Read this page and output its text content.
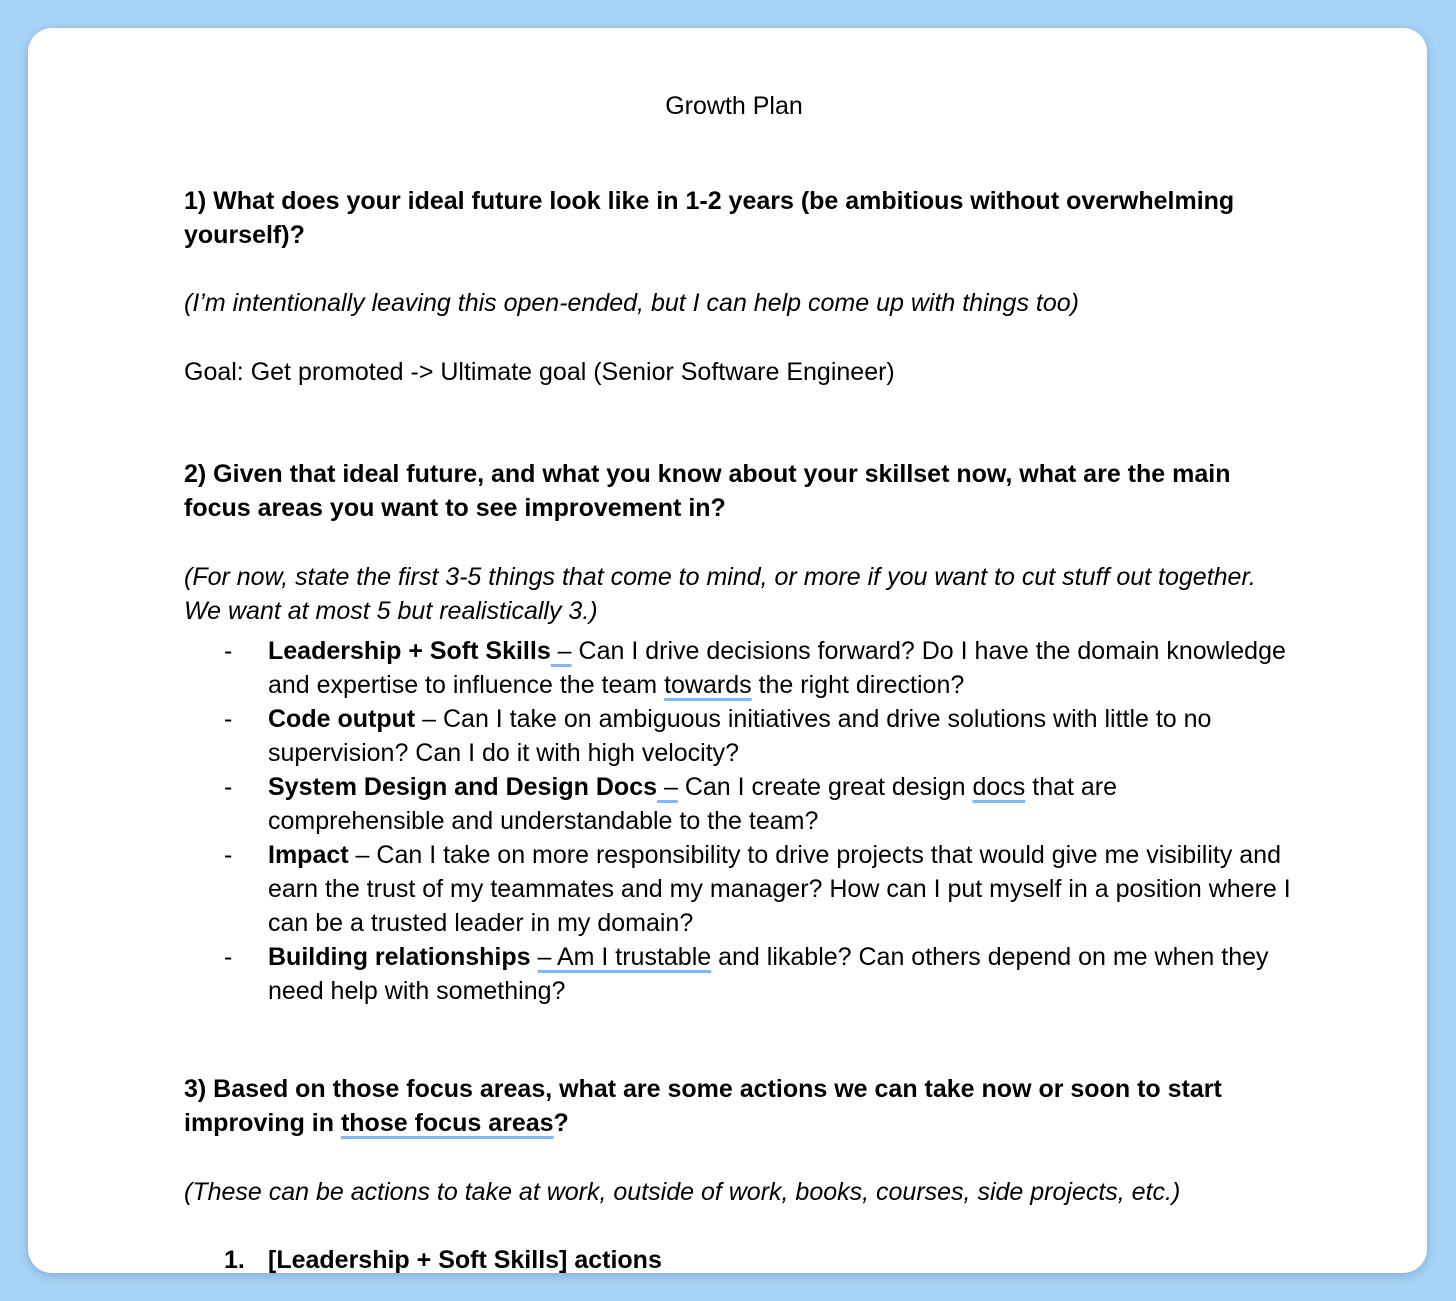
Growth Plan

1) What does your ideal future look like in 1-2 years (be ambitious without overwhelming yourself)?

(I’m intentionally leaving this open-ended, but I can help come up with things too)

Goal: Get promoted -> Ultimate goal (Senior Software Engineer)

2) Given that ideal future, and what you know about your skillset now, what are the main focus areas you want to see improvement in?

(For now, state the first 3-5 things that come to mind, or more if you want to cut stuff out together. We want at most 5 but realistically 3.)

- Leadership + Soft Skills – Can I drive decisions forward? Do I have the domain knowledge and expertise to influence the team towards the right direction?
- Code output – Can I take on ambiguous initiatives and drive solutions with little to no supervision? Can I do it with high velocity?
- System Design and Design Docs – Can I create great design docs that are comprehensible and understandable to the team?
- Impact – Can I take on more responsibility to drive projects that would give me visibility and earn the trust of my teammates and my manager? How can I put myself in a position where I can be a trusted leader in my domain?
- Building relationships – Am I trustable and likable? Can others depend on me when they need help with something?

3) Based on those focus areas, what are some actions we can take now or soon to start improving in those focus areas?

(These can be actions to take at work, outside of work, books, courses, side projects, etc.)

1. [Leadership + Soft Skills] actions
